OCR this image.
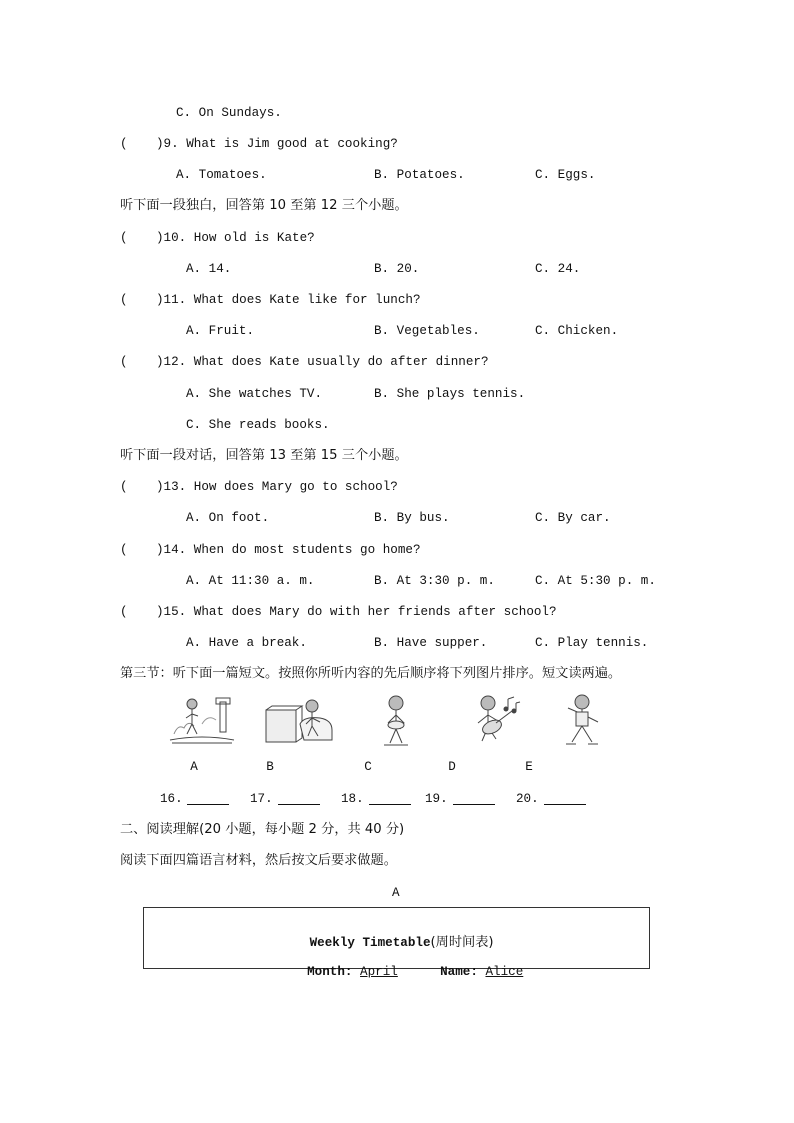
C. On Sundays.
( )9. What is Jim good at cooking?
A. Tomatoes.	B. Potatoes.	C. Eggs.
听下面一段独白，回答第 10 至第 12 三个小题。
( )10. How old is Kate?
A. 14.	B. 20.	C. 24.
( )11. What does Kate like for lunch?
A. Fruit.	B. Vegetables.	C. Chicken.
( )12. What does Kate usually do after dinner?
A. She watches TV.	B. She plays tennis.
C. She reads books.
听下面一段对话，回答第 13 至第 15 三个小题。
( )13. How does Mary go to school?
A. On foot.	B. By bus.	C. By car.
( )14. When do most students go home?
A. At 11:30 a. m.	B. At 3:30 p. m.	C. At 5:30 p. m.
( )15. What does Mary do with her friends after school?
A. Have a break.	B. Have supper.	C. Play tennis.
第三节：听下面一篇短文。按照你所听内容的先后顺序将下列图片排序。短文读两遍。
A	B	C	D	E
16.	17.	18.	19.	20.
二、阅读理解(20 小题，每小题 2 分，共 40 分)
阅读下面四篇语言材料，然后按文后要求做题。
A

Weekly Timetable(周时间表)

Month: April	Name: Alice
